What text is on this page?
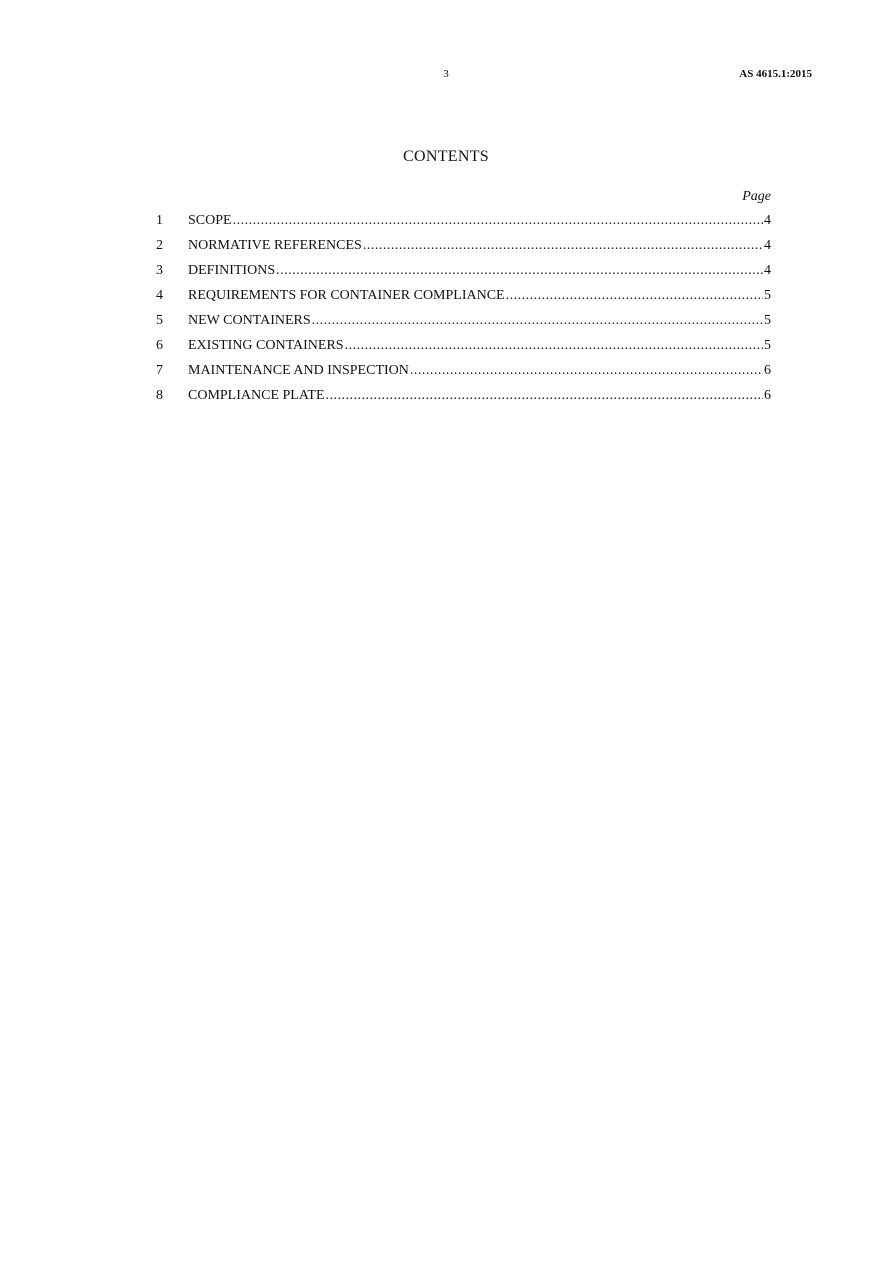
3	AS 4615.1:2015
CONTENTS
Page
1	SCOPE .....	4
2	NORMATIVE REFERENCES .....	4
3	DEFINITIONS .....	4
4	REQUIREMENTS FOR CONTAINER COMPLIANCE .....	5
5	NEW CONTAINERS .....	5
6	EXISTING CONTAINERS .....	5
7	MAINTENANCE AND INSPECTION .....	6
8	COMPLIANCE PLATE .....	6
